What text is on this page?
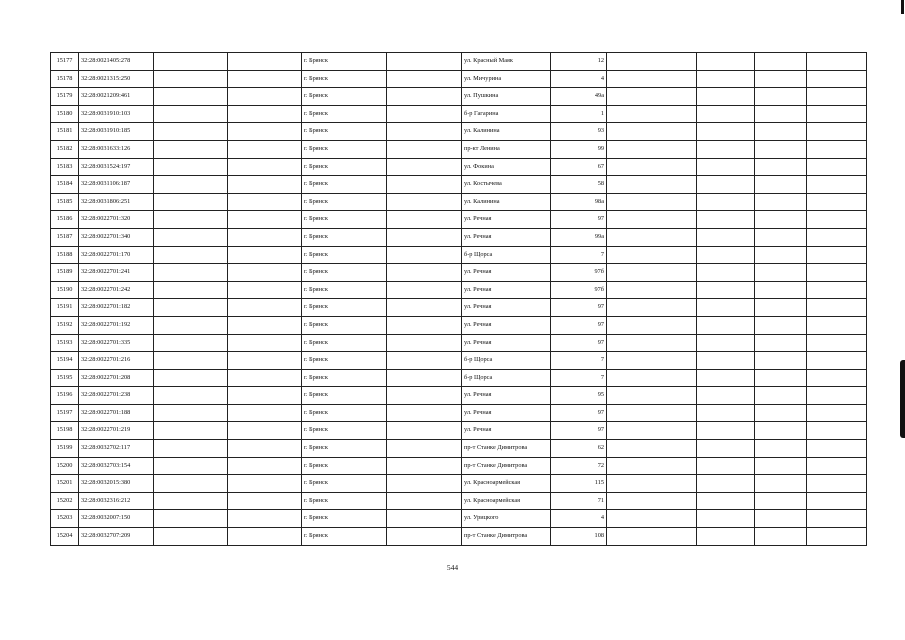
15177	32:28:0021405:278			г. Брянск		ул. Красный Маяк	12				
15178	32:28:0021315:250			г. Брянск		ул. Мичурина	4				
15179	32:28:0021209:461			г. Брянск		ул. Пушкина	49a				
15180	32:28:0031910:103			г. Брянск		б-р Гагарина	1				
15181	32:28:0031910:185			г. Брянск		ул. Калинина	93				
15182	32:28:0031633:126			г. Брянск		пр-кт Ленина	99				
15183	32:28:0031524:197			г. Брянск		ул. Фокина	67				
15184	32:28:0031106:187			г. Брянск		ул. Костычева	58				
15185	32:28:0031806:251			г. Брянск		ул. Калинина	98a				
15186	32:28:0022701:320			г. Брянск		ул. Речная	97				
15187	32:28:0022701:340			г. Брянск		ул. Речная	99a				
15188	32:28:0022701:170			г. Брянск		б-р Щорса	7				
15189	32:28:0022701:241			г. Брянск		ул. Речная	97б				
15190	32:28:0022701:242			г. Брянск		ул. Речная	97б				
15191	32:28:0022701:182			г. Брянск		ул. Речная	97				
15192	32:28:0022701:192			г. Брянск		ул. Речная	97				
15193	32:28:0022701:335			г. Брянск		ул. Речная	97				
15194	32:28:0022701:216			г. Брянск		б-р Щорса	7				
15195	32:28:0022701:208			г. Брянск		б-р Щорса	7				
15196	32:28:0022701:238			г. Брянск		ул. Речная	95				
15197	32:28:0022701:188			г. Брянск		ул. Речная	97				
15198	32:28:0022701:219			г. Брянск		ул. Речная	97				
15199	32:28:0032702:117			г. Брянск		пр-т Станке Димитрова	62				
15200	32:28:0032703:154			г. Брянск		пр-т Станке Димитрова	72				
15201	32:28:0032015:380			г. Брянск		ул. Красноармейская	115				
15202	32:28:0032316:212			г. Брянск		ул. Красноармейская	71				
15203	32:28:0032007:150			г. Брянск		ул. Урицкого	4				
15204	32:28:0032707:209			г. Брянск		пр-т Станке Димитрова	108				
544
